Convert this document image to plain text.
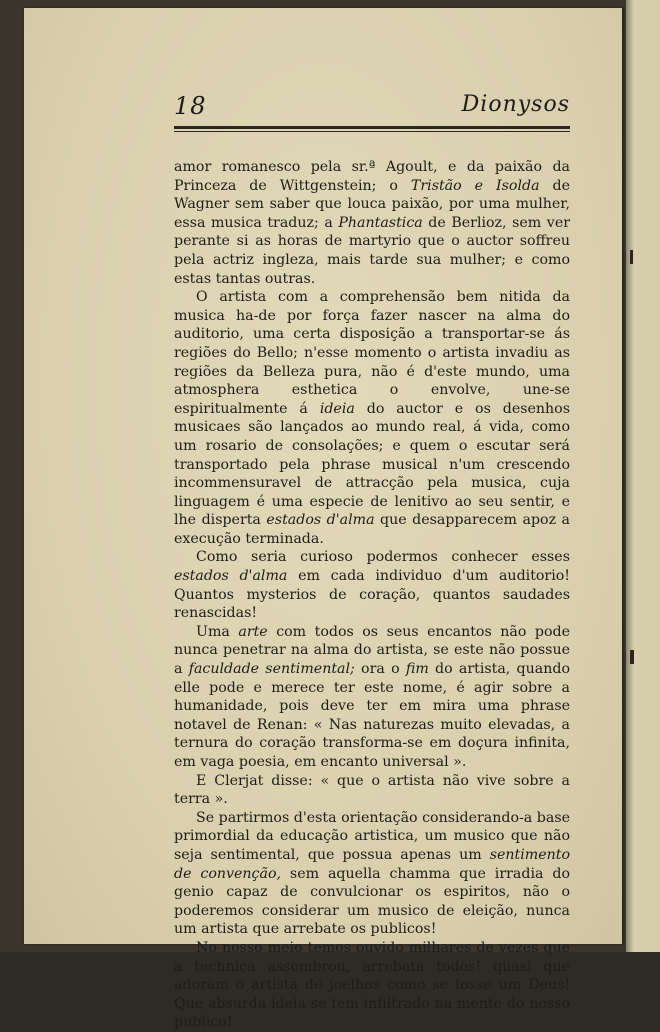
18	Dionysos

amor romanesco pela sr.ª Agoult, e da paixão da Princeza de Wittgenstein; o Tristão e Isolda de Wagner sem saber que louca paixão, por uma mulher, essa musica traduz; a Phantastica de Berlioz, sem ver perante si as horas de martyrio que o auctor soffreu pela actriz ingleza, mais tarde sua mulher; e como estas tantas outras.

O artista com a comprehensão bem nitida da musica ha-de por força fazer nascer na alma do auditorio, uma certa disposição a transportar-se ás regiões do Bello; n'esse momento o artista invadiu as regiões da Belleza pura, não é d'este mundo, uma atmosphera esthetica o envolve, une-se espiritualmente á ideia do auctor e os desenhos musicaes são lançados ao mundo real, á vida, como um rosario de consolações; e quem o escutar será transportado pela phrase musical n'um crescendo incommensuravel de attracção pela musica, cuja linguagem é uma especie de lenitivo ao seu sentir, e lhe disperta estados d'alma que desapparecem apoz a execução terminada.

Como seria curioso podermos conhecer esses estados d'alma em cada individuo d'um auditorio! Quantos mysterios de coração, quantos saudades renascidas!

Uma arte com todos os seus encantos não pode nunca penetrar na alma do artista, se este não possue a faculdade sentimental; ora o fim do artista, quando elle pode e merece ter este nome, é agir sobre a humanidade, pois deve ter em mira uma phrase notavel de Renan: « Nas naturezas muito elevadas, a ternura do coração transforma-se em doçura infinita, em vaga poesia, em encanto universal ».

E Clerjat disse: « que o artista não vive sobre a terra ».

Se partirmos d'esta orientação considerando-a base primordial da educação artistica, um musico que não seja sentimental, que possua apenas um sentimento de convenção, sem aquella chamma que irradia do genio capaz de convulcionar os espiritos, não o poderemos considerar um musico de eleição, nunca um artista que arrebate os publicos!

No nosso meio temos ouvido milhares de vezes que a technica assombrou, arrebata todos! quasi que adoram o artista de joelhos como se fosse um Deus! Que absurda ideia se tem infiltrado na mente do nosso publico!
